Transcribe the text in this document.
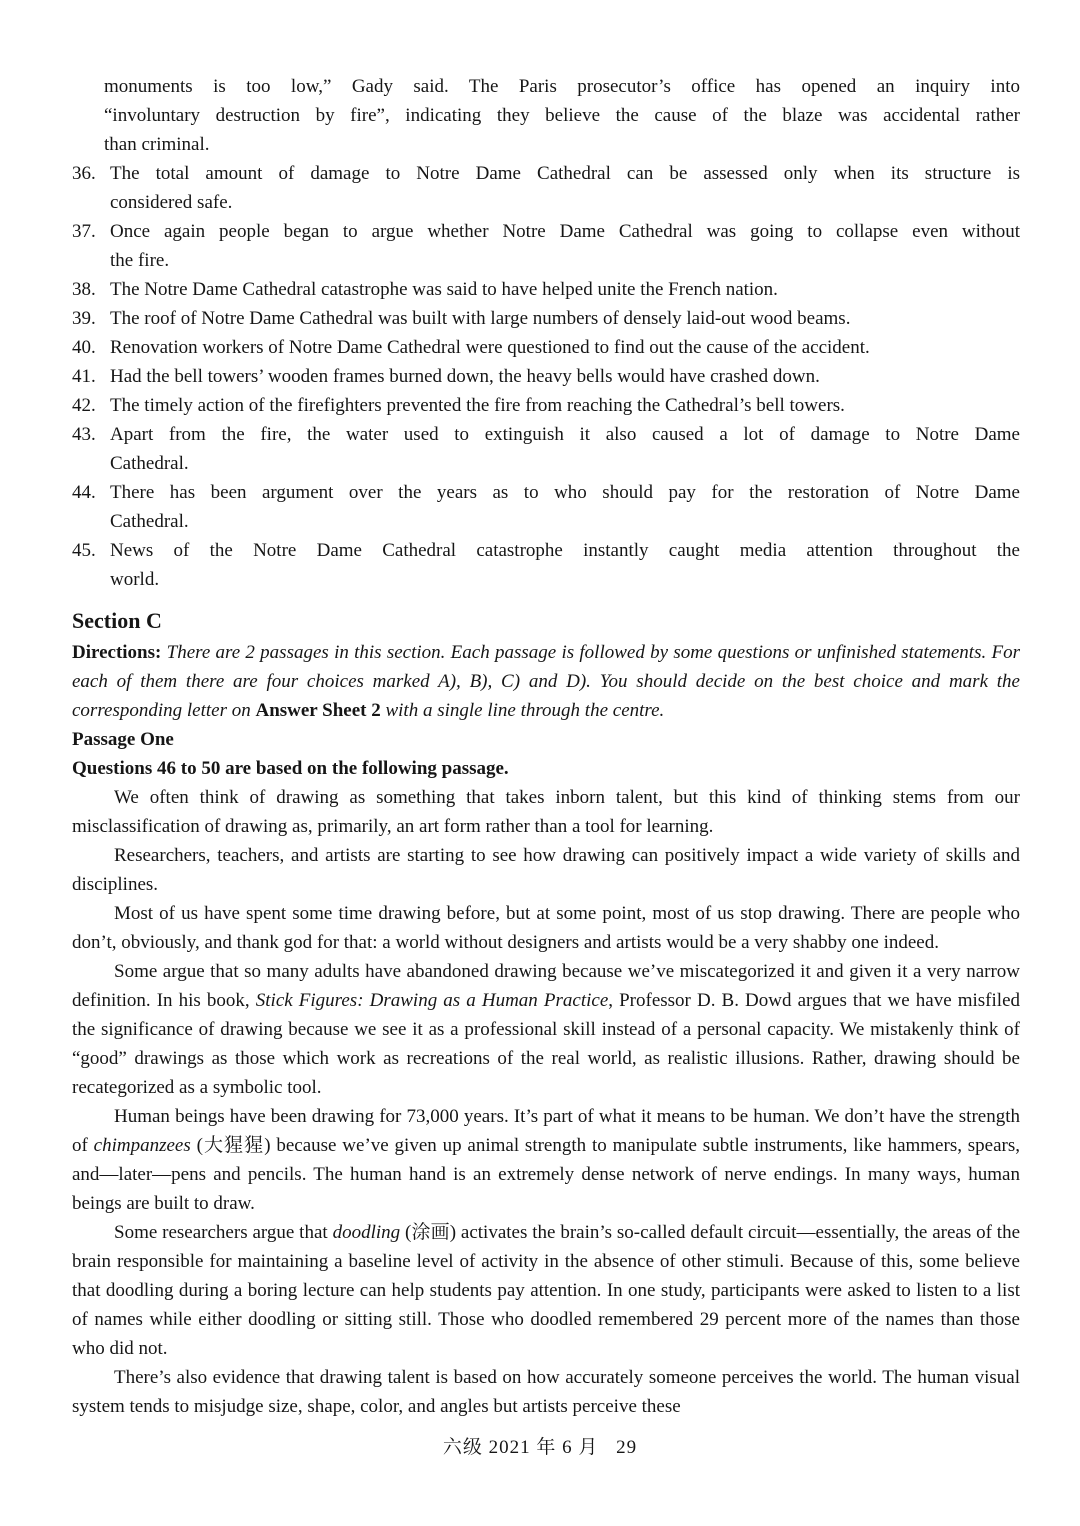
monuments is too low,” Gady said. The Paris prosecutor’s office has opened an inquiry into
“involuntary destruction by fire”, indicating they believe the cause of the blaze was accidental rather
than criminal.
36. The total amount of damage to Notre Dame Cathedral can be assessed only when its structure is
considered safe.
37. Once again people began to argue whether Notre Dame Cathedral was going to collapse even without
the fire.
38. The Notre Dame Cathedral catastrophe was said to have helped unite the French nation.
39. The roof of Notre Dame Cathedral was built with large numbers of densely laid-out wood beams.
40. Renovation workers of Notre Dame Cathedral were questioned to find out the cause of the accident.
41. Had the bell towers’ wooden frames burned down, the heavy bells would have crashed down.
42. The timely action of the firefighters prevented the fire from reaching the Cathedral’s bell towers.
43. Apart from the fire, the water used to extinguish it also caused a lot of damage to Notre Dame
Cathedral.
44. There has been argument over the years as to who should pay for the restoration of Notre Dame
Cathedral.
45. News of the Notre Dame Cathedral catastrophe instantly caught media attention throughout the
world.
Section C
Directions: There are 2 passages in this section. Each passage is followed by some questions or unfinished statements. For each of them there are four choices marked A), B), C) and D). You should decide on the best choice and mark the corresponding letter on Answer Sheet 2 with a single line through the centre.
Passage One
Questions 46 to 50 are based on the following passage.

We often think of drawing as something that takes inborn talent, but this kind of thinking stems from our misclassification of drawing as, primarily, an art form rather than a tool for learning.

Researchers, teachers, and artists are starting to see how drawing can positively impact a wide variety of skills and disciplines.

Most of us have spent some time drawing before, but at some point, most of us stop drawing. There are people who don’t, obviously, and thank god for that: a world without designers and artists would be a very shabby one indeed.

Some argue that so many adults have abandoned drawing because we’ve miscategorized it and given it a very narrow definition. In his book, Stick Figures: Drawing as a Human Practice, Professor D. B. Dowd argues that we have misfiled the significance of drawing because we see it as a professional skill instead of a personal capacity. We mistakenly think of “good” drawings as those which work as recreations of the real world, as realistic illusions. Rather, drawing should be recategorized as a symbolic tool.

Human beings have been drawing for 73,000 years. It’s part of what it means to be human. We don’t have the strength of chimpanzees (大猩猩) because we’ve given up animal strength to manipulate subtle instruments, like hammers, spears, and—later—pens and pencils. The human hand is an extremely dense network of nerve endings. In many ways, human beings are built to draw.

Some researchers argue that doodling (涂画) activates the brain’s so-called default circuit—essentially, the areas of the brain responsible for maintaining a baseline level of activity in the absence of other stimuli. Because of this, some believe that doodling during a boring lecture can help students pay attention. In one study, participants were asked to listen to a list of names while either doodling or sitting still. Those who doodled remembered 29 percent more of the names than those who did not.

There’s also evidence that drawing talent is based on how accurately someone perceives the world. The human visual system tends to misjudge size, shape, color, and angles but artists perceive these

六级 2021 年 6 月 29
